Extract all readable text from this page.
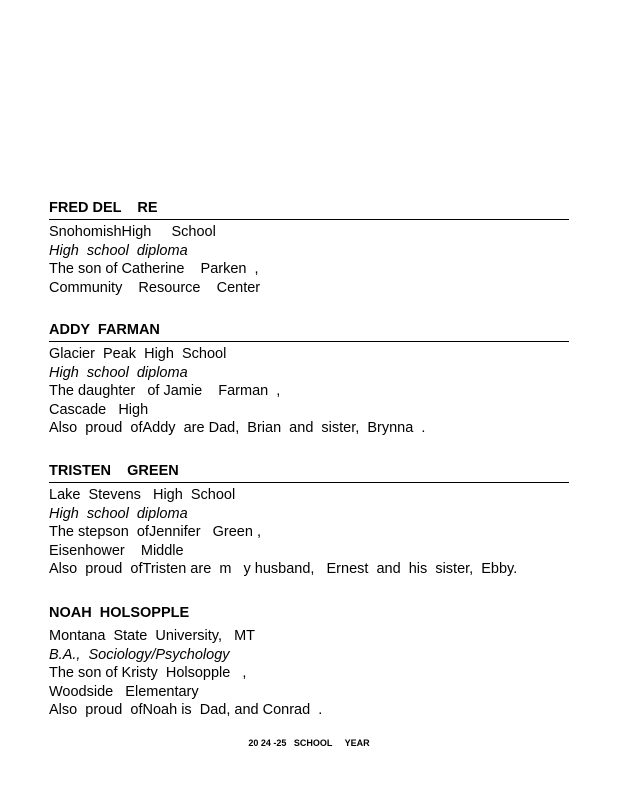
FRED DEL    RE
SnohomishHigh     School
High  school  diploma
The son of Catherine    Parken  ,
Community    Resource    Center
ADDY  FARMAN
Glacier  Peak  High  School
High  school  diploma
The daughter   of Jamie    Farman  ,
Cascade   High
Also  proud  ofAddy  are Dad,  Brian  and  sister,  Brynna  .
TRISTEN    GREEN
Lake  Stevens   High  School
High  school  diploma
The stepson  ofJennifer   Green ,
Eisenhower    Middle
Also  proud  ofTristen are  m   y husband,   Ernest  and  his  sister,  Ebby.
NOAH  HOLSOPPLE
Montana  State  University,   MT
B.A.,  Sociology/Psychology
The son of Kristy  Holsopple   ,
Woodside   Elementary
Also  proud  ofNoah is  Dad, and Conrad  .
20 24 -25   SCHOOL     YEAR
